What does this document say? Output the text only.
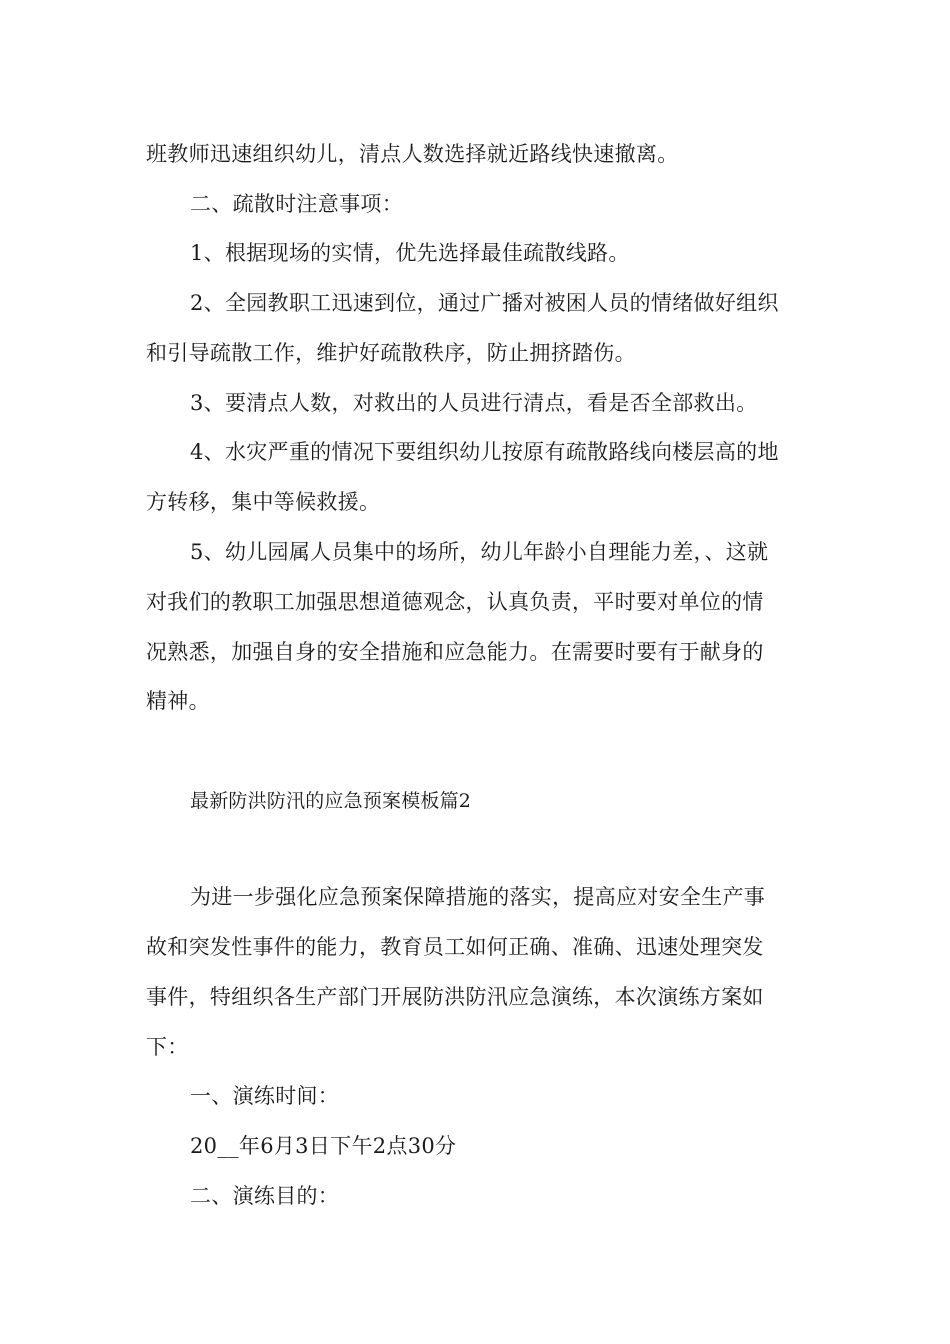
班教师迅速组织幼儿，清点人数选择就近路线快速撤离。
二、疏散时注意事项：
1、根据现场的实情，优先选择最佳疏散线路。
2、全园教职工迅速到位，通过广播对被困人员的情绪做好组织
和引导疏散工作，维护好疏散秩序，防止拥挤踏伤。
3、要清点人数，对救出的人员进行清点，看是否全部救出。
4、水灾严重的情况下要组织幼儿按原有疏散路线向楼层高的地
方转移，集中等候救援。
5、幼儿园属人员集中的场所，幼儿年龄小自理能力差，、这就
对我们的教职工加强思想道德观念，认真负责，平时要对单位的情
况熟悉，加强自身的安全措施和应急能力。在需要时要有于献身的
精神。
最新防洪防汛的应急预案模板篇2
为进一步强化应急预案保障措施的落实，提高应对安全生产事
故和突发性事件的能力，教育员工如何正确、准确、迅速处理突发
事件，特组织各生产部门开展防洪防汛应急演练，本次演练方案如
下：
一、演练时间：
20__年6月3日下午2点30分
二、演练目的：
